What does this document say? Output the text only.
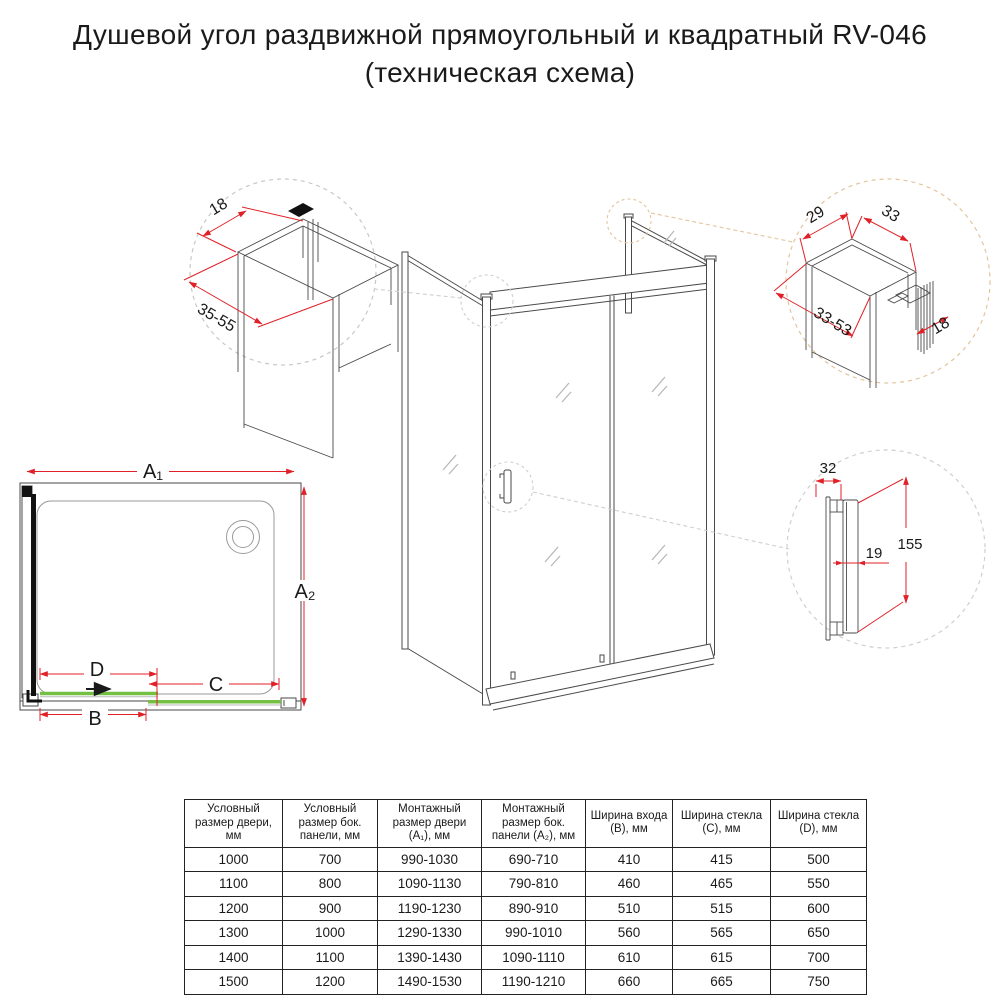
Душевой угол раздвижной прямоугольный и квадратный RV-046
(техническая схема)
18
35-55
29	33
33-53	18
32
155
19
A₁
A₂
D
C
B
Условный размер двери, мм	Условный размер бок. панели, мм	Монтажный размер двери (A₁), мм	Монтажный размер бок. панели (A₂), мм	Ширина входа (B), мм	Ширина стекла (C), мм	Ширина стекла (D), мм
1000	700	990-1030	690-710	410	415	500
1100	800	1090-1130	790-810	460	465	550
1200	900	1190-1230	890-910	510	515	600
1300	1000	1290-1330	990-1010	560	565	650
1400	1100	1390-1430	1090-1110	610	615	700
1500	1200	1490-1530	1190-1210	660	665	750
